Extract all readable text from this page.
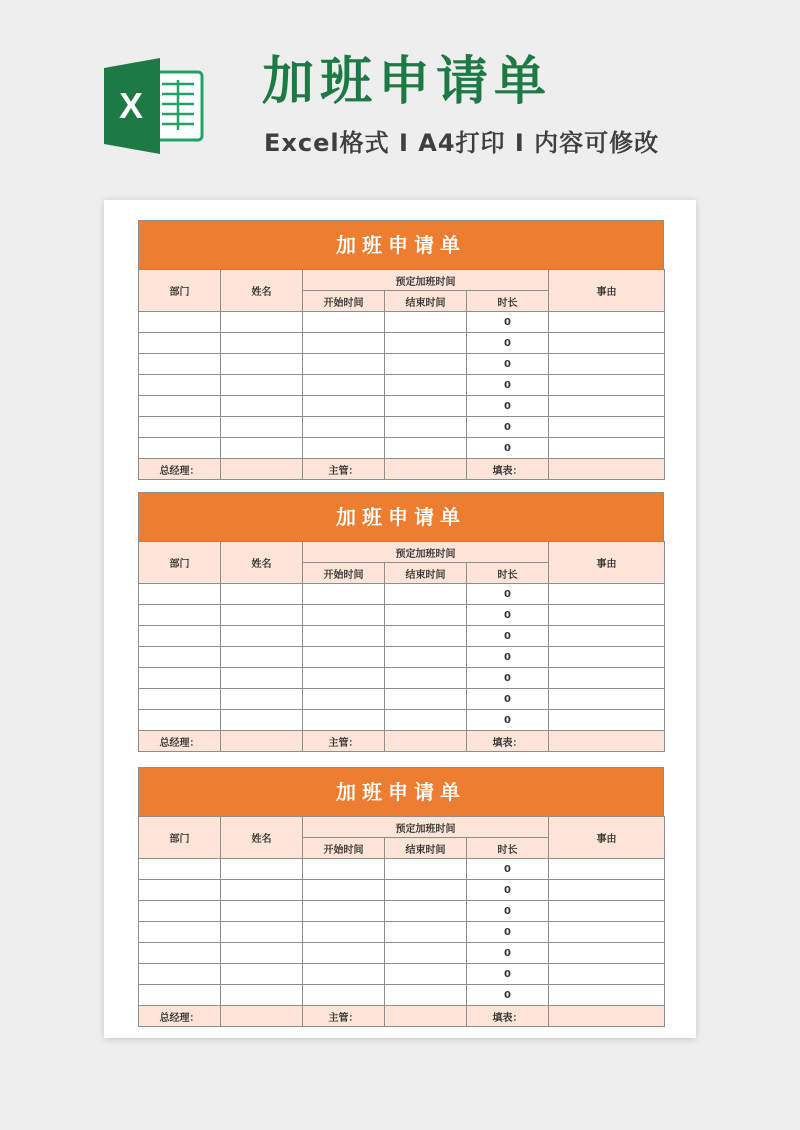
X 加班申请单
Excel格式 Ⅰ A4打印 Ⅰ 内容可修改
加班申请单
部门	姓名	预定加班时间			事由
		开始时间	结束时间	时长	
				0	
				0	
				0	
				0	
				0	
				0	
				0	
总经理：		主管：		填表：	
加班申请单
部门	姓名	预定加班时间			事由
		开始时间	结束时间	时长	
				0	
				0	
				0	
				0	
				0	
				0	
				0	
总经理：		主管：		填表：	
加班申请单
部门	姓名	预定加班时间			事由
		开始时间	结束时间	时长	
				0	
				0	
				0	
				0	
				0	
				0	
				0	
总经理：		主管：		填表：	
